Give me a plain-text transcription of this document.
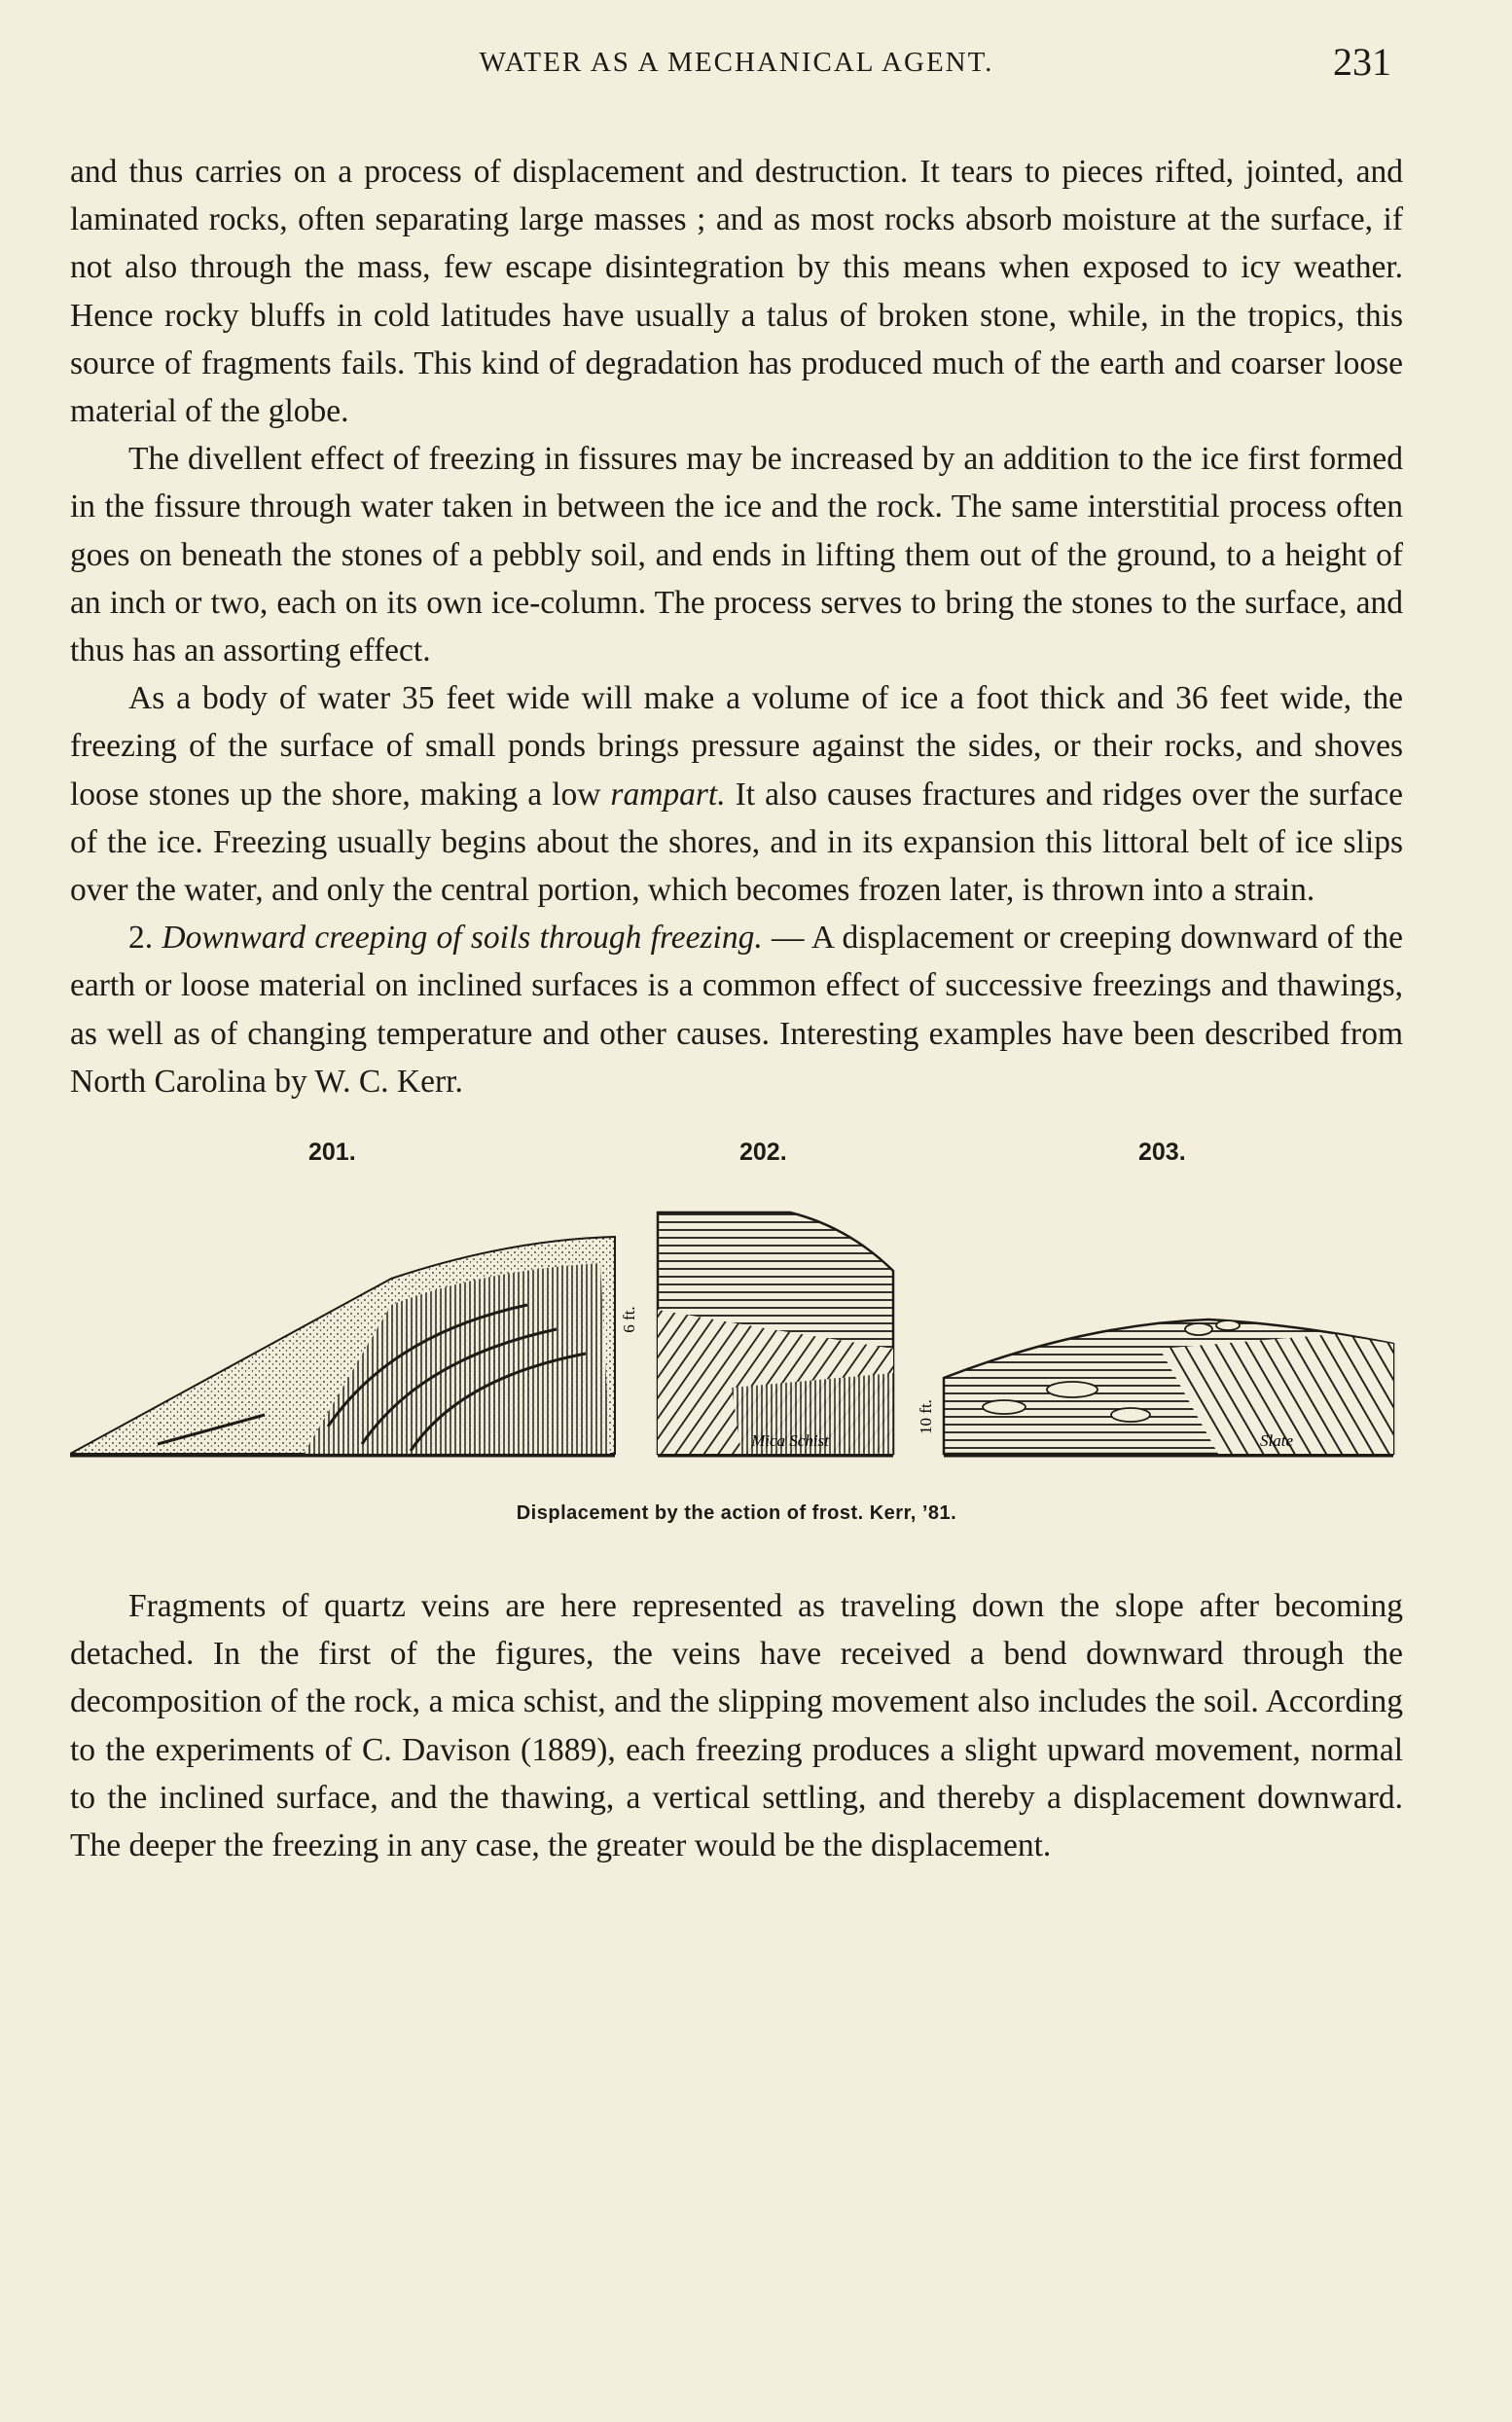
WATER AS A MECHANICAL AGENT.	231

and thus carries on a process of displacement and destruction. It tears to pieces rifted, jointed, and laminated rocks, often separating large masses ; and as most rocks absorb moisture at the surface, if not also through the mass, few escape disintegration by this means when exposed to icy weather. Hence rocky bluffs in cold latitudes have usually a talus of broken stone, while, in the tropics, this source of fragments fails. This kind of degradation has produced much of the earth and coarser loose material of the globe.

The divellent effect of freezing in fissures may be increased by an addition to the ice first formed in the fissure through water taken in between the ice and the rock. The same interstitial process often goes on beneath the stones of a pebbly soil, and ends in lifting them out of the ground, to a height of an inch or two, each on its own ice-column. The process serves to bring the stones to the surface, and thus has an assorting effect.

As a body of water 35 feet wide will make a volume of ice a foot thick and 36 feet wide, the freezing of the surface of small ponds brings pressure against the sides, or their rocks, and shoves loose stones up the shore, making a low rampart. It also causes fractures and ridges over the surface of the ice. Freezing usually begins about the shores, and in its expansion this littoral belt of ice slips over the water, and only the central portion, which becomes frozen later, is thrown into a strain.

2. Downward creeping of soils through freezing. — A displacement or creeping downward of the earth or loose material on inclined surfaces is a common effect of successive freezings and thawings, as well as of changing temperature and other causes. Interesting examples have been described from North Carolina by W. C. Kerr.

201.	202.	203.
6 ft.
Mica Schist
10 ft.
Slate
Displacement by the action of frost. Kerr, ’81.

Fragments of quartz veins are here represented as traveling down the slope after becoming detached. In the first of the figures, the veins have received a bend downward through the decomposition of the rock, a mica schist, and the slipping movement also includes the soil. According to the experiments of C. Davison (1889), each freezing produces a slight upward movement, normal to the inclined surface, and the thawing, a vertical settling, and thereby a displacement downward. The deeper the freezing in any case, the greater would be the displacement.
